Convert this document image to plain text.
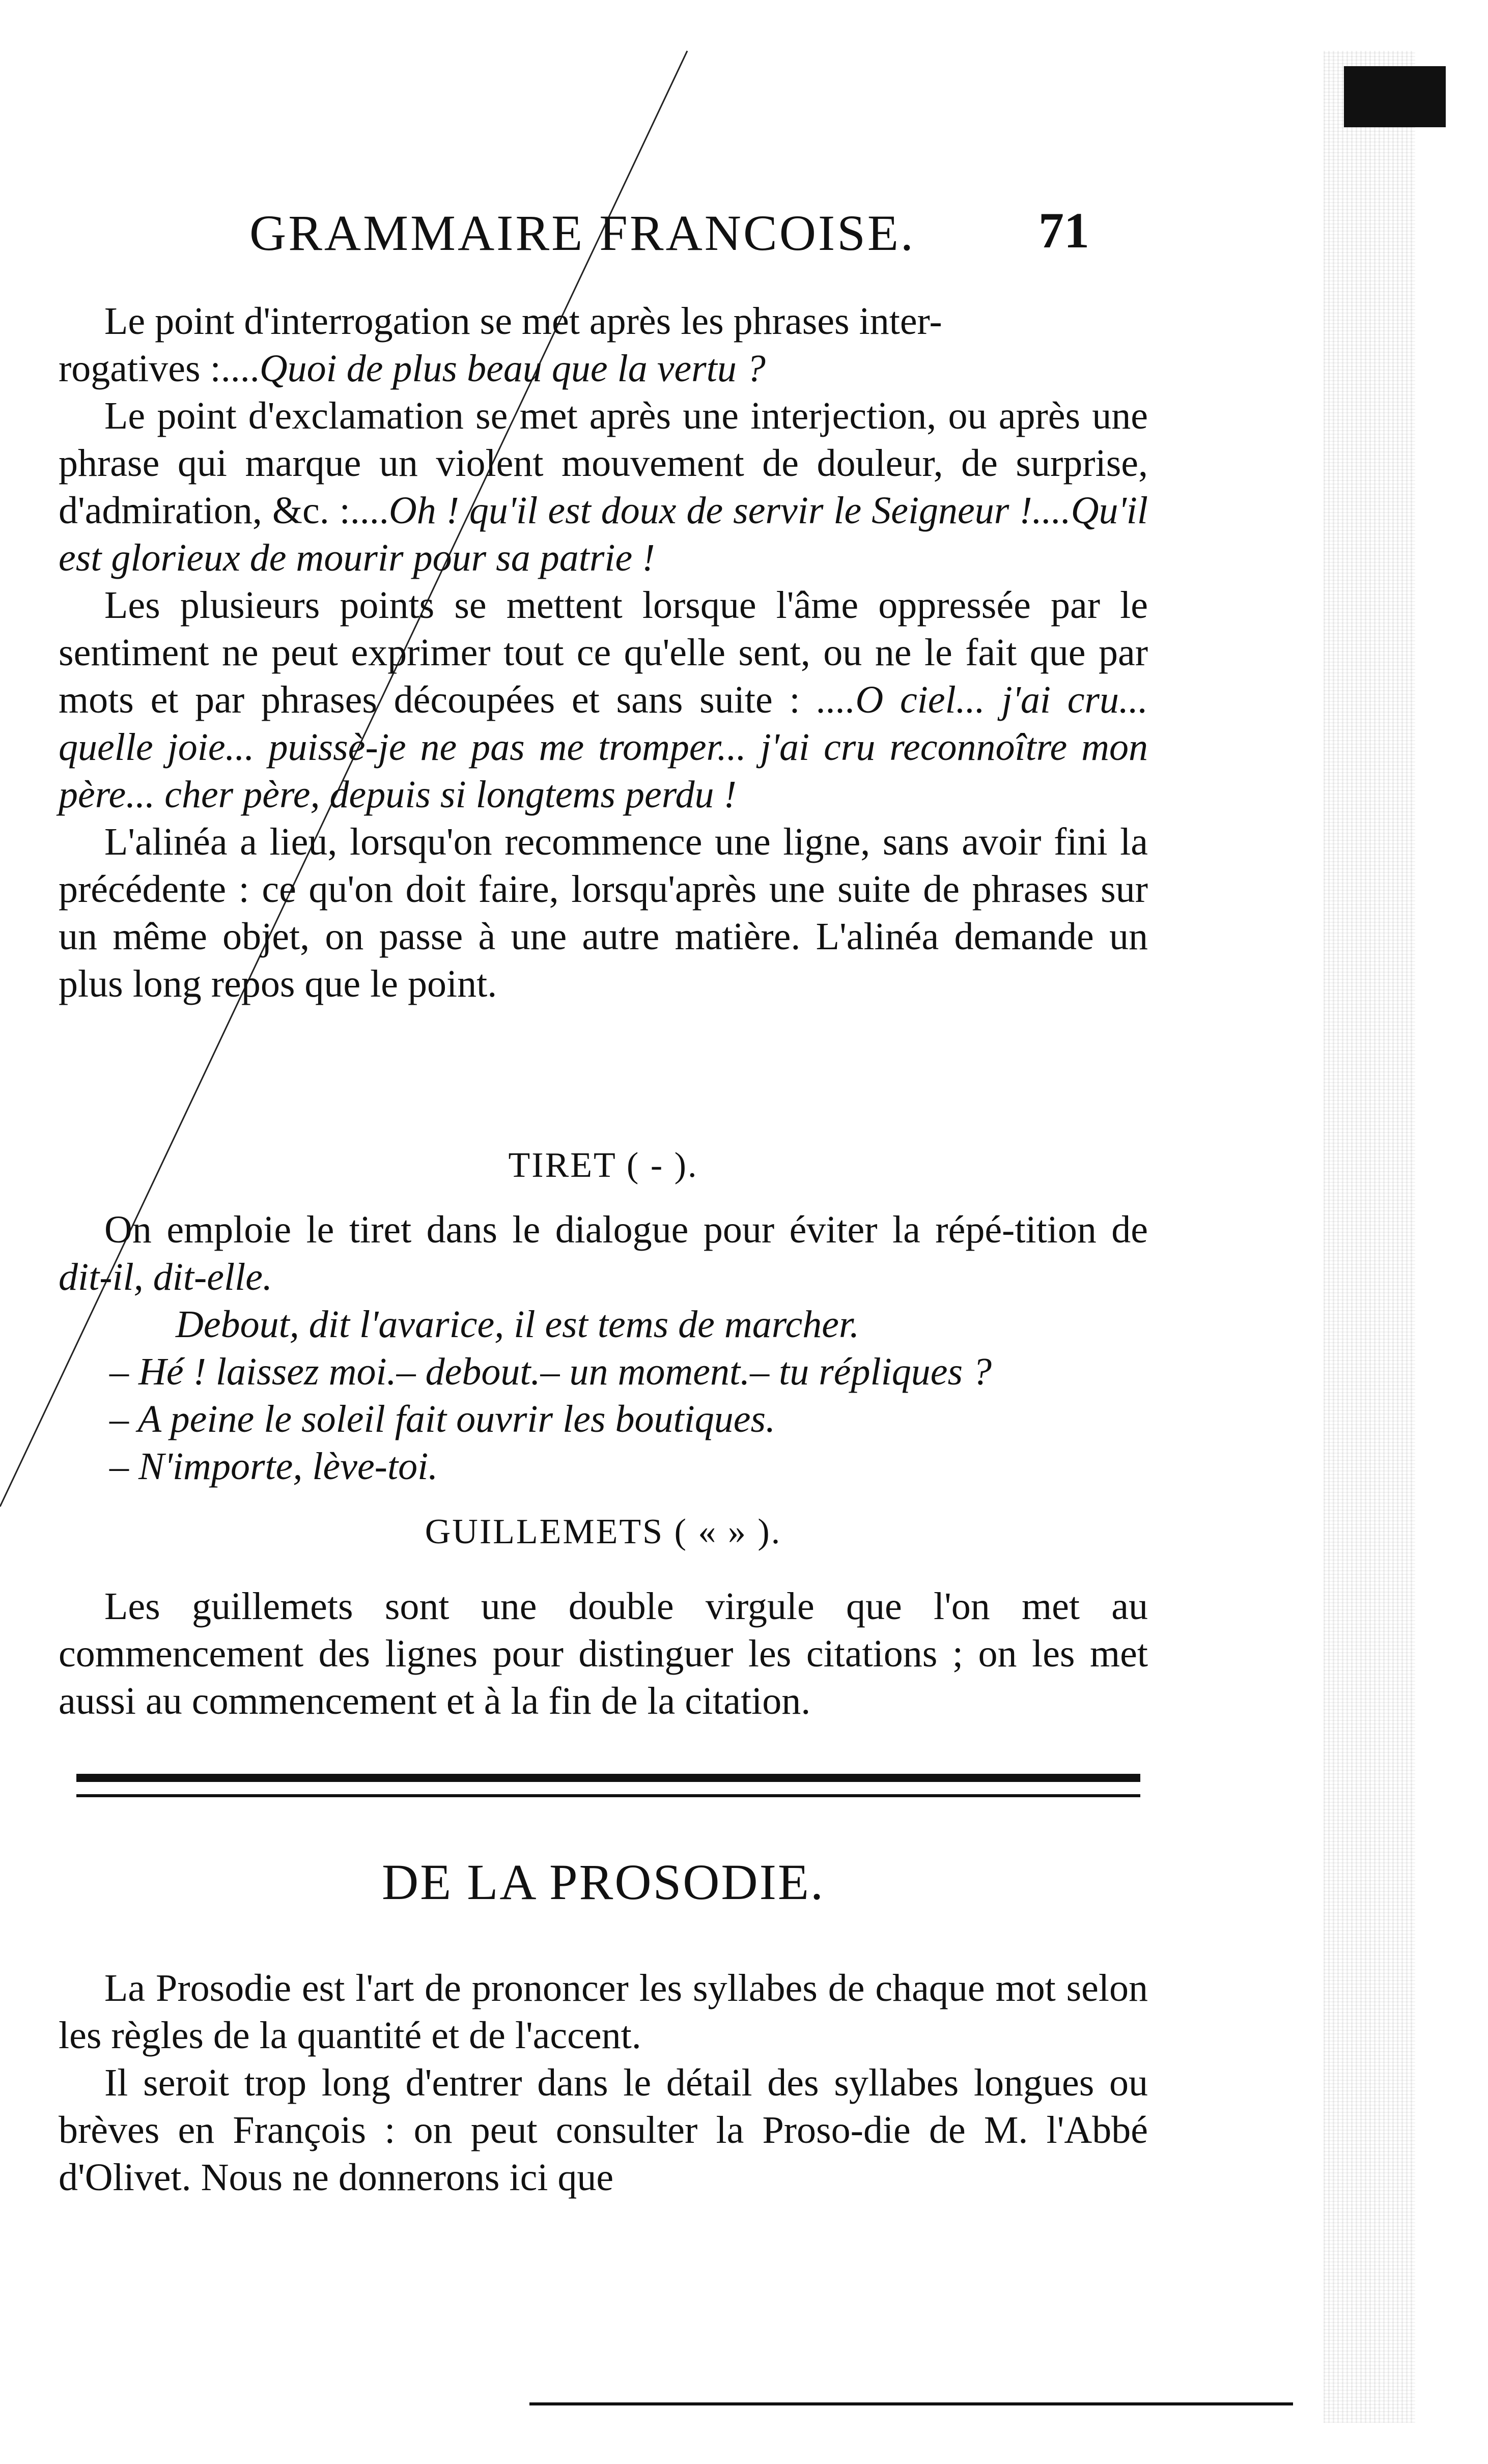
GRAMMAIRE FRANCOISE. 71

Le point d'interrogation se met après les phrases inter-
rogatives :....Quoi de plus beau que la vertu ?

Le point d'exclamation se met après une interjection, ou après une phrase qui marque un violent mouvement de douleur, de surprise, d'admiration, &c. :....Oh ! qu'il est doux de servir le Seigneur !....Qu'il est glorieux de mourir pour sa patrie !

Les plusieurs points se mettent lorsque l'âme oppressée par le sentiment ne peut exprimer tout ce qu'elle sent, ou ne le fait que par mots et par phrases découpées et sans suite : ....O ciel... j'ai cru... quelle joie... puissè-je ne pas me tromper... j'ai cru reconnoître mon père... cher père, depuis si longtems perdu !

L'alinéa a lieu, lorsqu'on recommence une ligne, sans avoir fini la précédente : ce qu'on doit faire, lorsqu'après une suite de phrases sur un même objet, on passe à une autre matière. L'alinéa demande un plus long repos que le point.

TIRET ( - ).

On emploie le tiret dans le dialogue pour éviter la répé-tition de dit-il, dit-elle.

Debout, dit l'avarice, il est tems de marcher.
– Hé ! laissez moi.– debout.– un moment.– tu répliques ?
– A peine le soleil fait ouvrir les boutiques.
– N'importe, lève-toi.
GUILLEMETS ( « » ).

Les guillemets sont une double virgule que l'on met au commencement des lignes pour distinguer les citations ; on les met aussi au commencement et à la fin de la citation.

DE LA PROSODIE.

La Prosodie est l'art de prononcer les syllabes de chaque mot selon les règles de la quantité et de l'accent.

Il seroit trop long d'entrer dans le détail des syllabes longues ou brèves en François : on peut consulter la Proso-die de M. l'Abbé d'Olivet. Nous ne donnerons ici que
